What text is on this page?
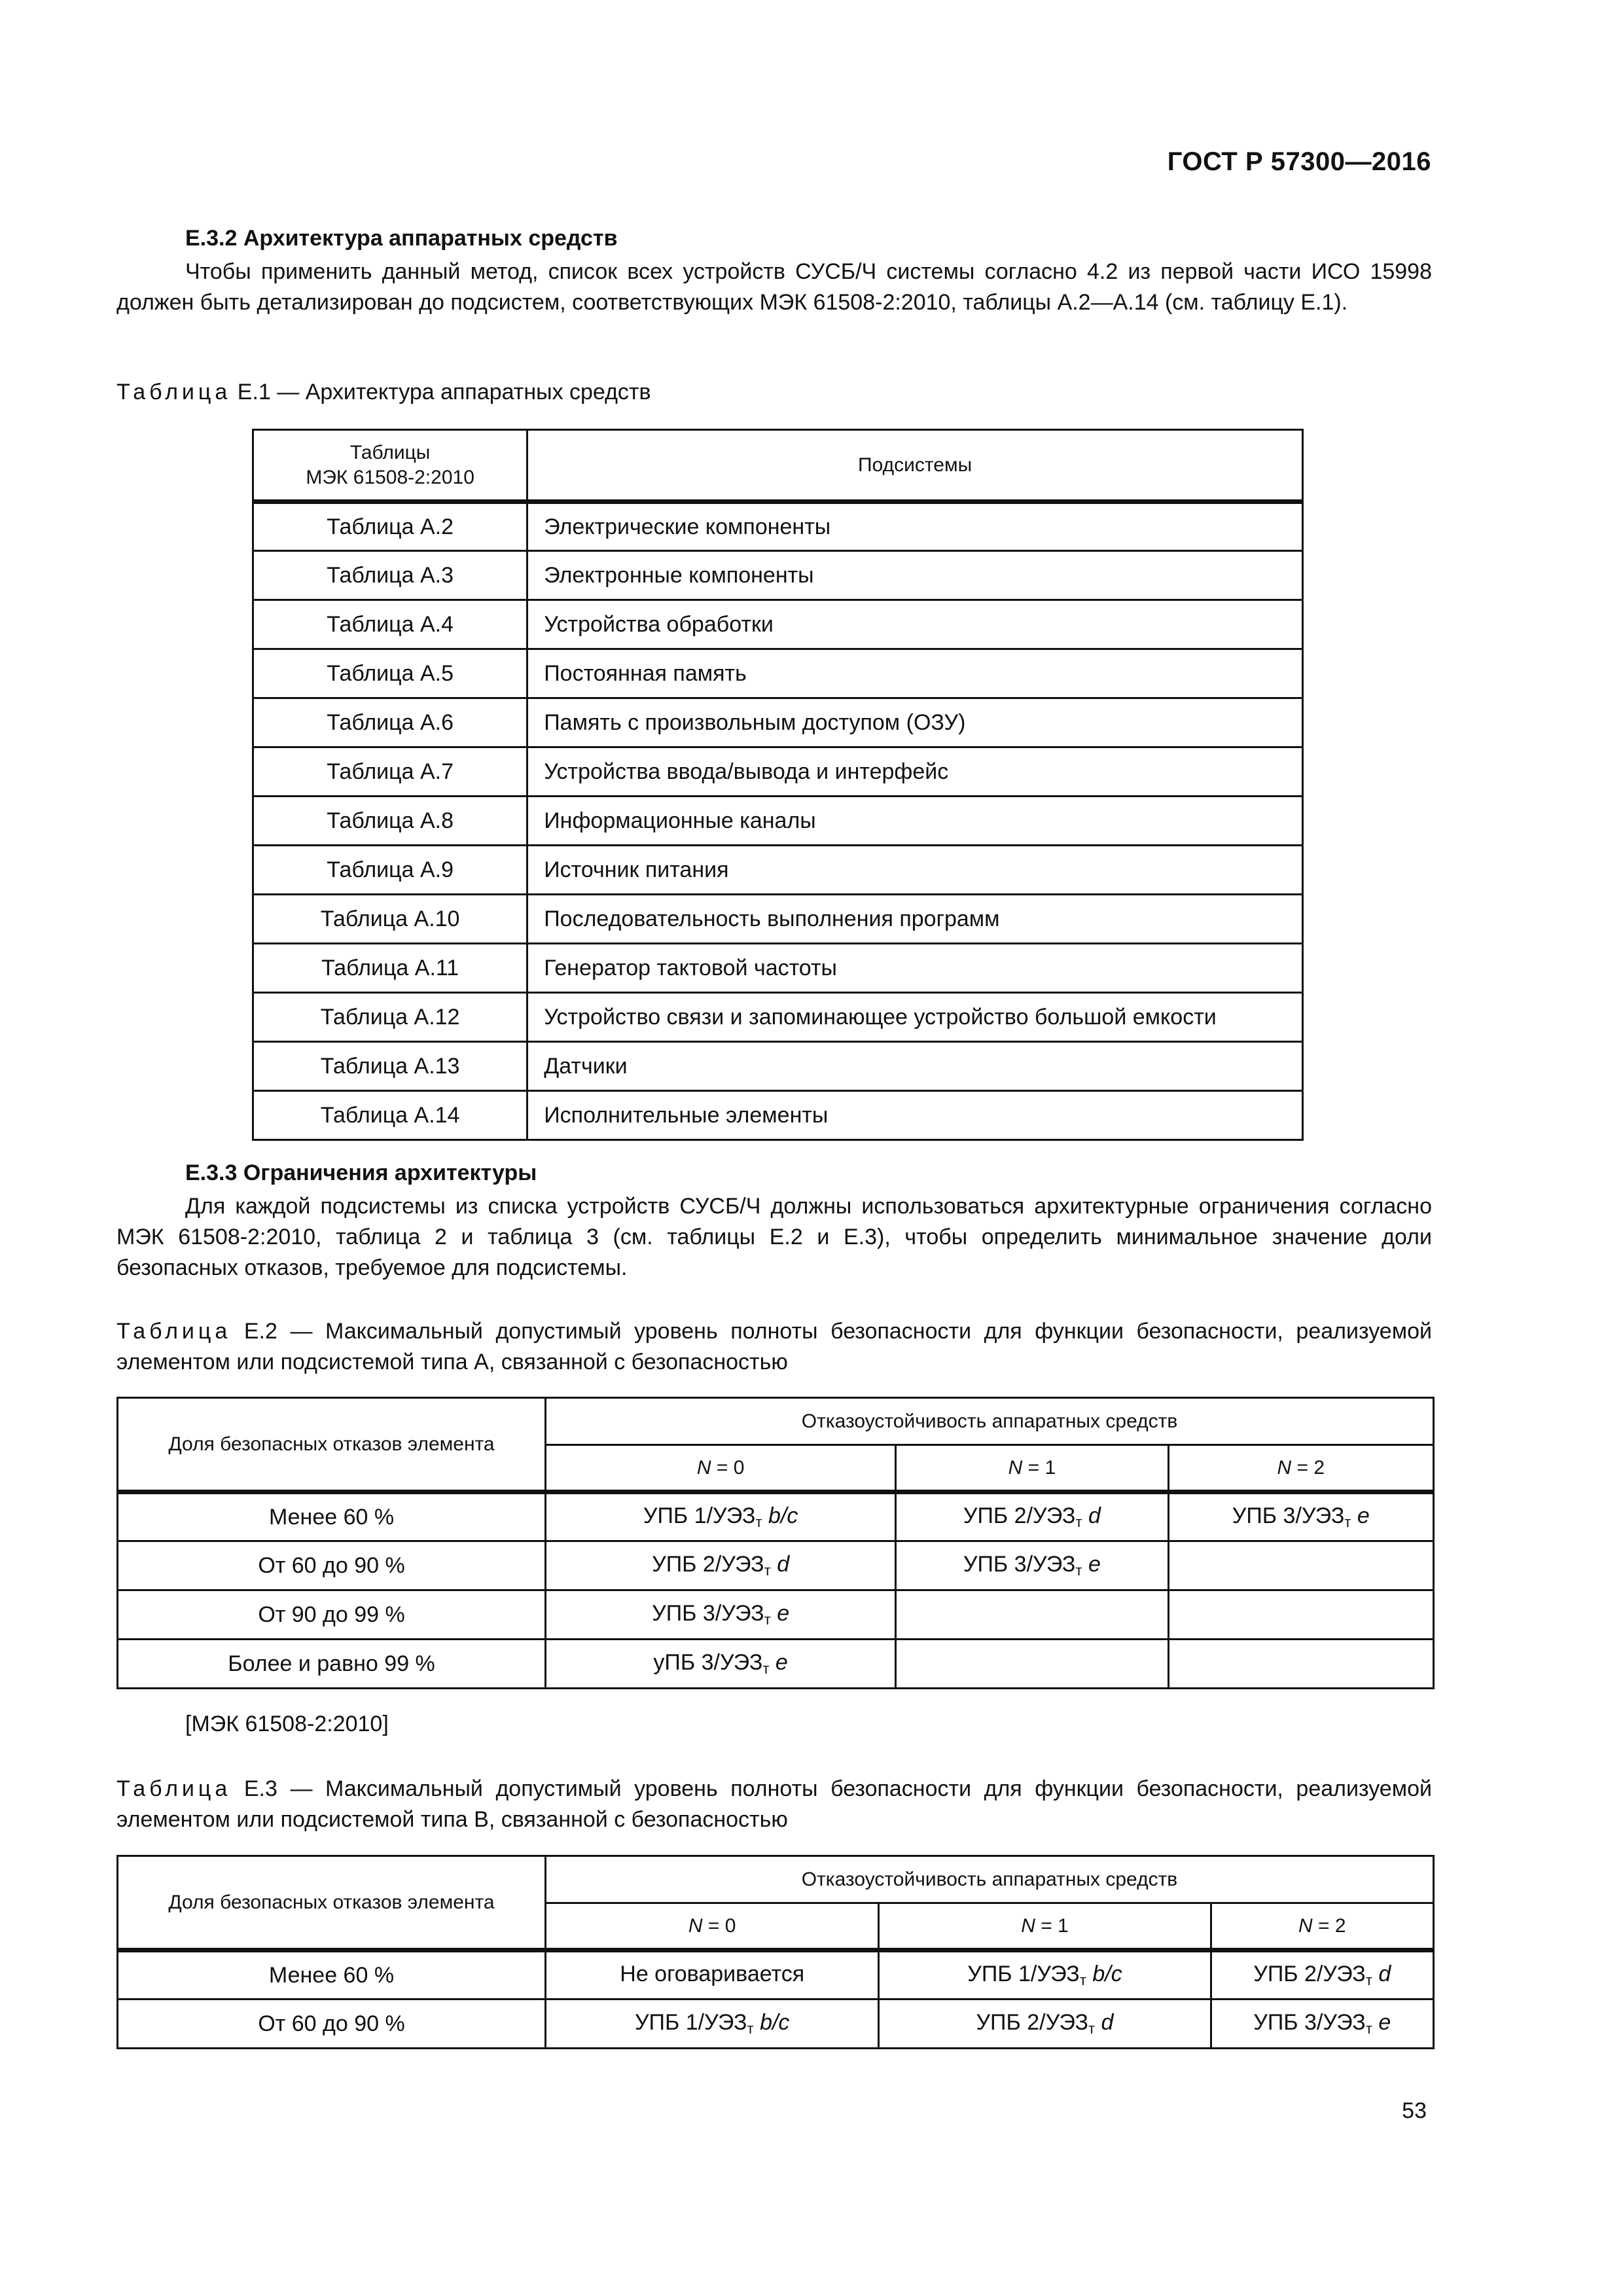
ГОСТ Р 57300—2016
Е.3.2 Архитектура аппаратных средств
Чтобы применить данный метод, список всех устройств СУСБ/Ч системы согласно 4.2 из первой части ИСО 15998 должен быть детализирован до подсистем, соответствующих МЭК 61508-2:2010, таблицы А.2—А.14 (см. таблицу Е.1).
Таблица Е.1 — Архитектура аппаратных средств
Таблицы
МЭК 61508-2:2010	Подсистемы
Таблица А.2	Электрические компоненты
Таблица А.3	Электронные компоненты
Таблица А.4	Устройства обработки
Таблица А.5	Постоянная память
Таблица А.6	Память с произвольным доступом (ОЗУ)
Таблица А.7	Устройства ввода/вывода и интерфейс
Таблица А.8	Информационные каналы
Таблица А.9	Источник питания
Таблица А.10	Последовательность выполнения программ
Таблица А.11	Генератор тактовой частоты
Таблица А.12	Устройство связи и запоминающее устройство большой емкости
Таблица А.13	Датчики
Таблица А.14	Исполнительные элементы
Е.3.3 Ограничения архитектуры
Для каждой подсистемы из списка устройств СУСБ/Ч должны использоваться архитектурные ограничения согласно МЭК 61508-2:2010, таблица 2 и таблица 3 (см. таблицы Е.2 и Е.3), чтобы определить минимальное значение доли безопасных отказов, требуемое для подсистемы.
Таблица Е.2 — Максимальный допустимый уровень полноты безопасности для функции безопасности, реализуемой элементом или подсистемой типа А, связанной с безопасностью
Доля безопасных отказов элемента	Отказоустойчивость аппаратных средств		
	N = 0	N = 1	N = 2
Менее 60 %	УПБ $1/УЭЗ_т$ b/c	УПБ $2/УЭЗ_т$ d	УПБ $3/УЭЗ_т$ e
От 60 до 90 %	УПБ $2/УЭЗ_т$ d	УПБ $3/УЭЗ_т$ e	
От 90 до 99 %	УПБ $3/УЭЗ_т$ e		
Более и равно 99 %	уПБ $3/УЭЗ_т$ e		
[МЭК 61508-2:2010]
Таблица Е.3 — Максимальный допустимый уровень полноты безопасности для функции безопасности, реализуемой элементом или подсистемой типа В, связанной с безопасностью
Доля безопасных отказов элемента	Отказоустойчивость аппаратных средств		
	N = 0	N = 1	N = 2
Менее 60 %	Не оговаривается	УПБ $1/УЭЗ_т$ b/c	УПБ $2/УЭЗ_т$ d
От 60 до 90 %	УПБ $1/УЭЗ_т$ b/c	УПБ $2/УЭЗ_т$ d	УПБ $3/УЭЗ_т$ e
53
